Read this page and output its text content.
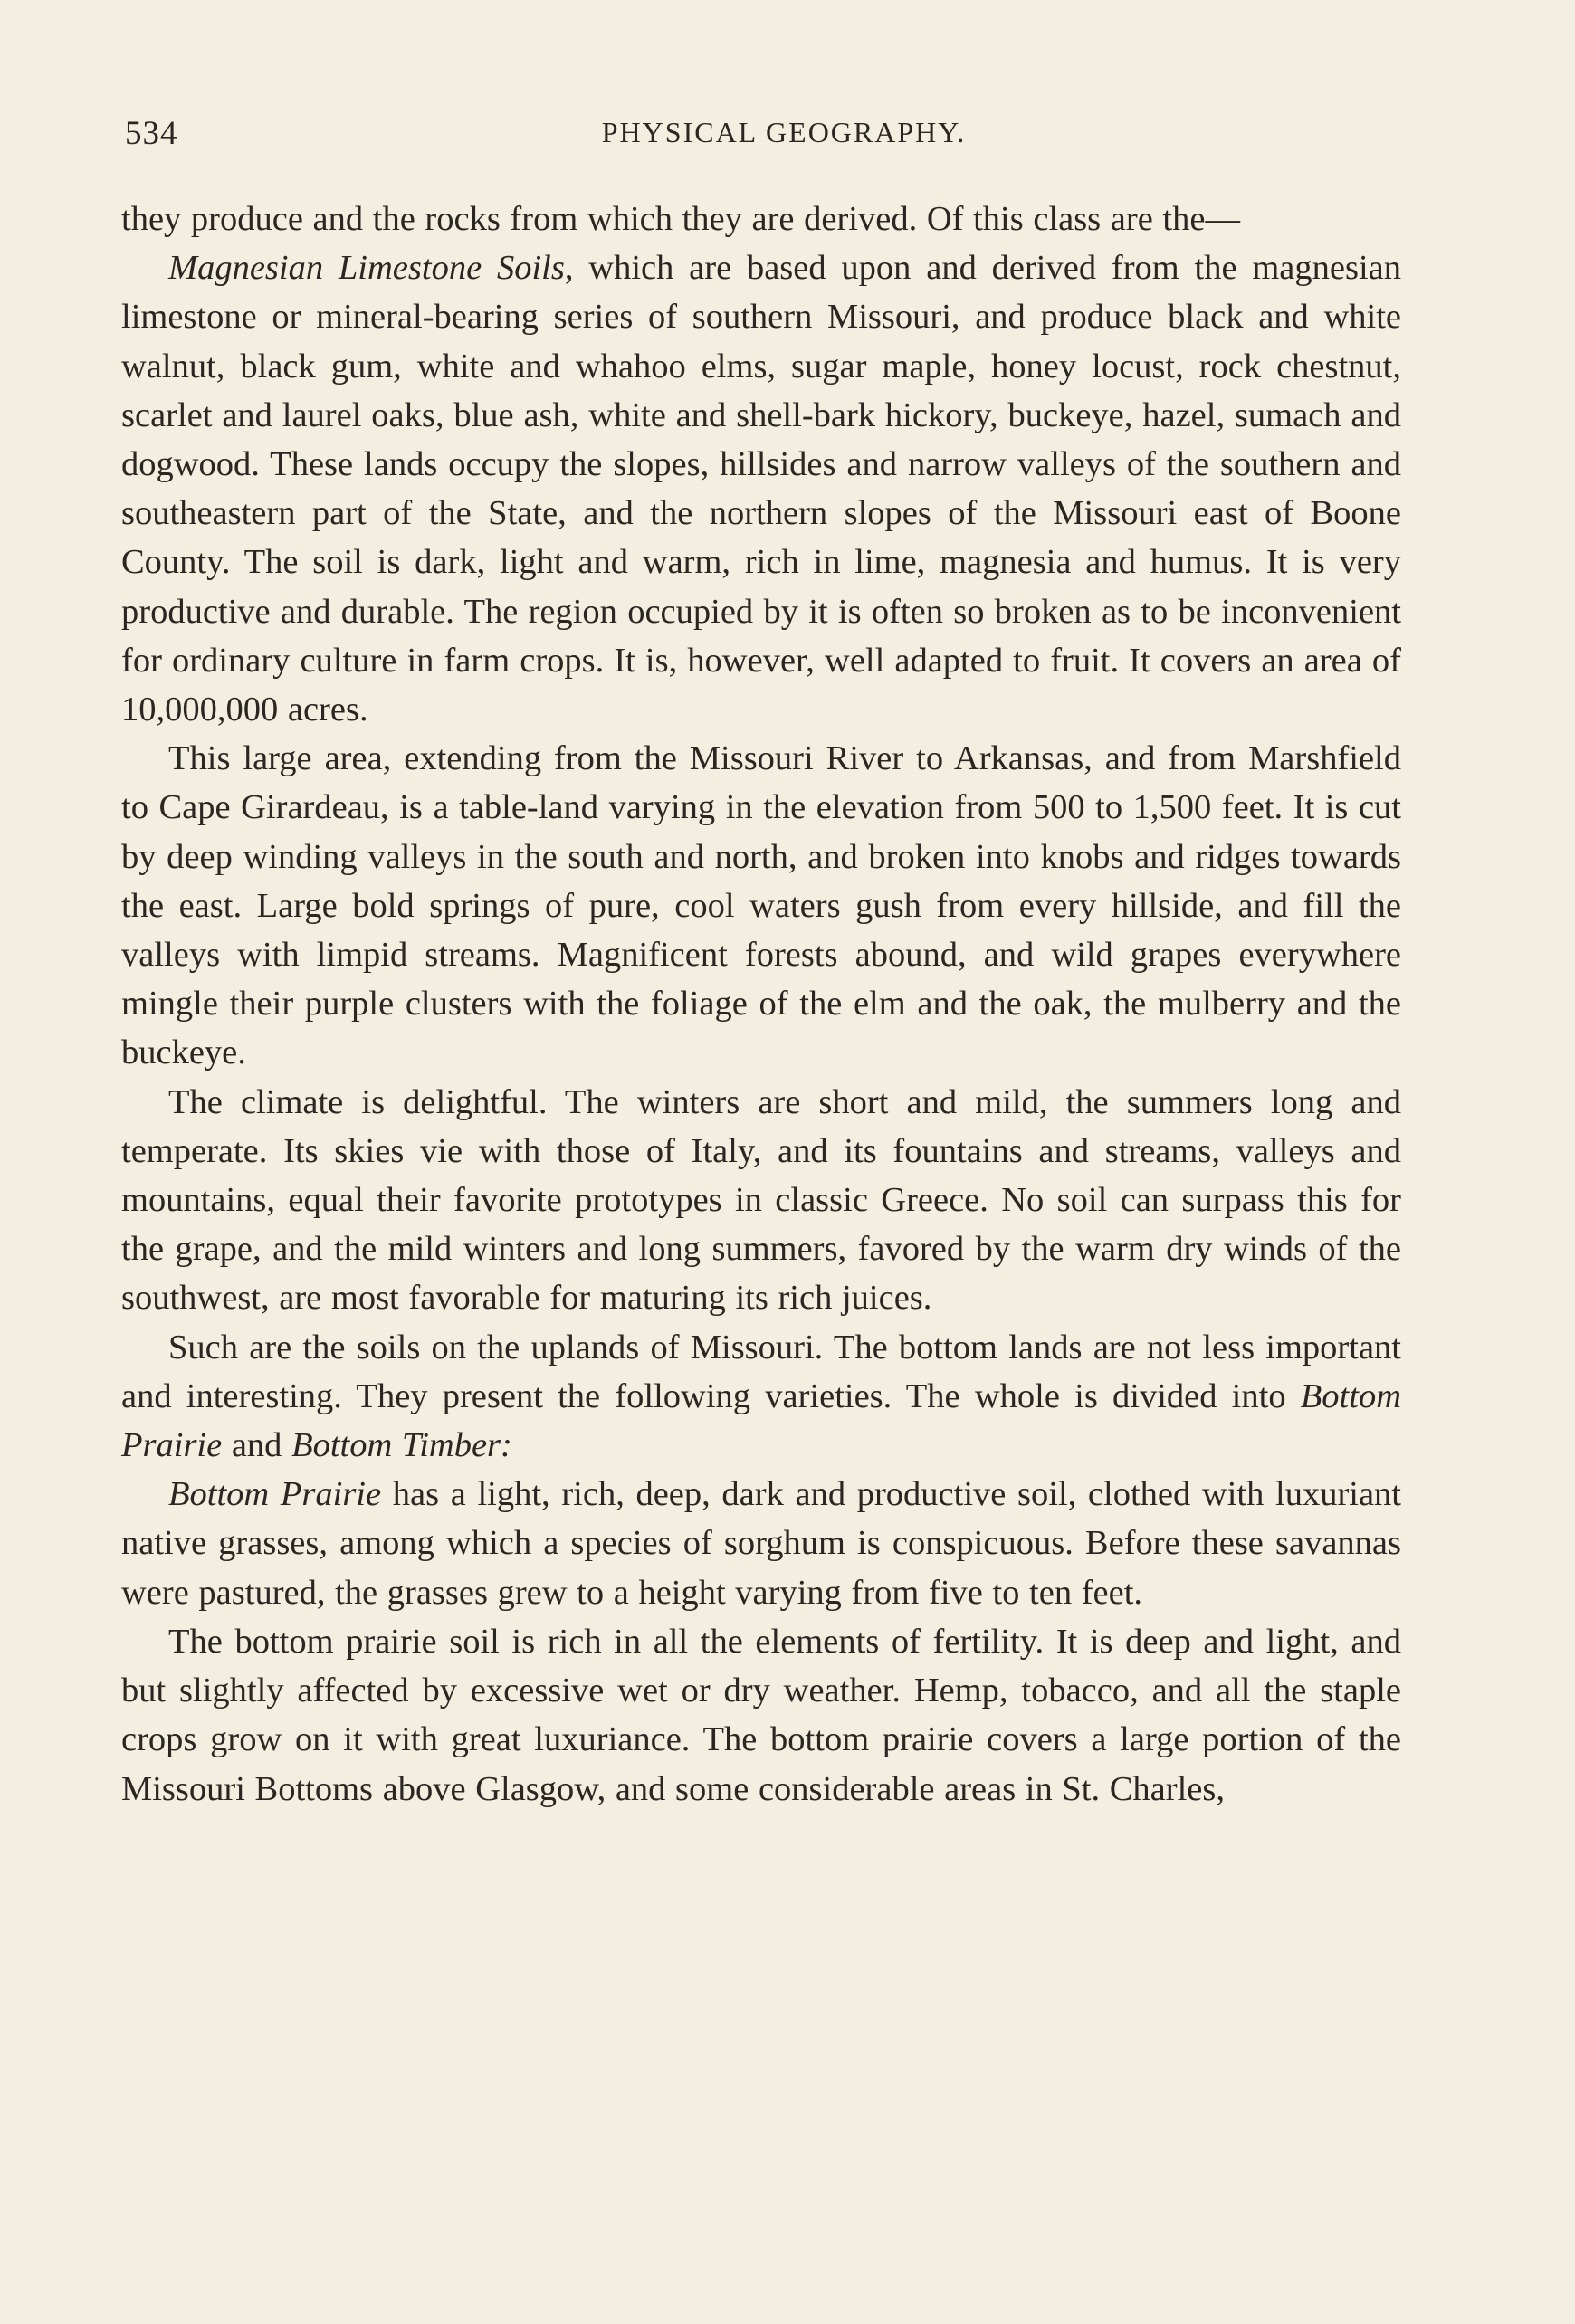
534	PHYSICAL GEOGRAPHY.

they produce and the rocks from which they are derived. Of this class are the—

Magnesian Limestone Soils, which are based upon and derived from the magnesian limestone or mineral-bearing series of southern Missouri, and produce black and white walnut, black gum, white and whahoo elms, sugar maple, honey locust, rock chestnut, scarlet and laurel oaks, blue ash, white and shell-bark hickory, buckeye, hazel, sumach and dogwood. These lands occupy the slopes, hillsides and narrow valleys of the southern and southeastern part of the State, and the northern slopes of the Missouri east of Boone County. The soil is dark, light and warm, rich in lime, magnesia and humus. It is very productive and durable. The region occupied by it is often so broken as to be inconvenient for ordinary culture in farm crops. It is, however, well adapted to fruit. It covers an area of 10,000,000 acres.

This large area, extending from the Missouri River to Arkansas, and from Marshfield to Cape Girardeau, is a table-land varying in the elevation from 500 to 1,500 feet. It is cut by deep winding valleys in the south and north, and broken into knobs and ridges towards the east. Large bold springs of pure, cool waters gush from every hillside, and fill the valleys with limpid streams. Magnificent forests abound, and wild grapes everywhere mingle their purple clusters with the foliage of the elm and the oak, the mulberry and the buckeye.

The climate is delightful. The winters are short and mild, the summers long and temperate. Its skies vie with those of Italy, and its fountains and streams, valleys and mountains, equal their favorite prototypes in classic Greece. No soil can surpass this for the grape, and the mild winters and long summers, favored by the warm dry winds of the southwest, are most favorable for maturing its rich juices.

Such are the soils on the uplands of Missouri. The bottom lands are not less important and interesting. They present the following varieties. The whole is divided into Bottom Prairie and Bottom Timber:

Bottom Prairie has a light, rich, deep, dark and productive soil, clothed with luxuriant native grasses, among which a species of sorghum is conspicuous. Before these savannas were pastured, the grasses grew to a height varying from five to ten feet.

The bottom prairie soil is rich in all the elements of fertility. It is deep and light, and but slightly affected by excessive wet or dry weather. Hemp, tobacco, and all the staple crops grow on it with great luxuriance. The bottom prairie covers a large portion of the Missouri Bottoms above Glasgow, and some considerable areas in St. Charles,
